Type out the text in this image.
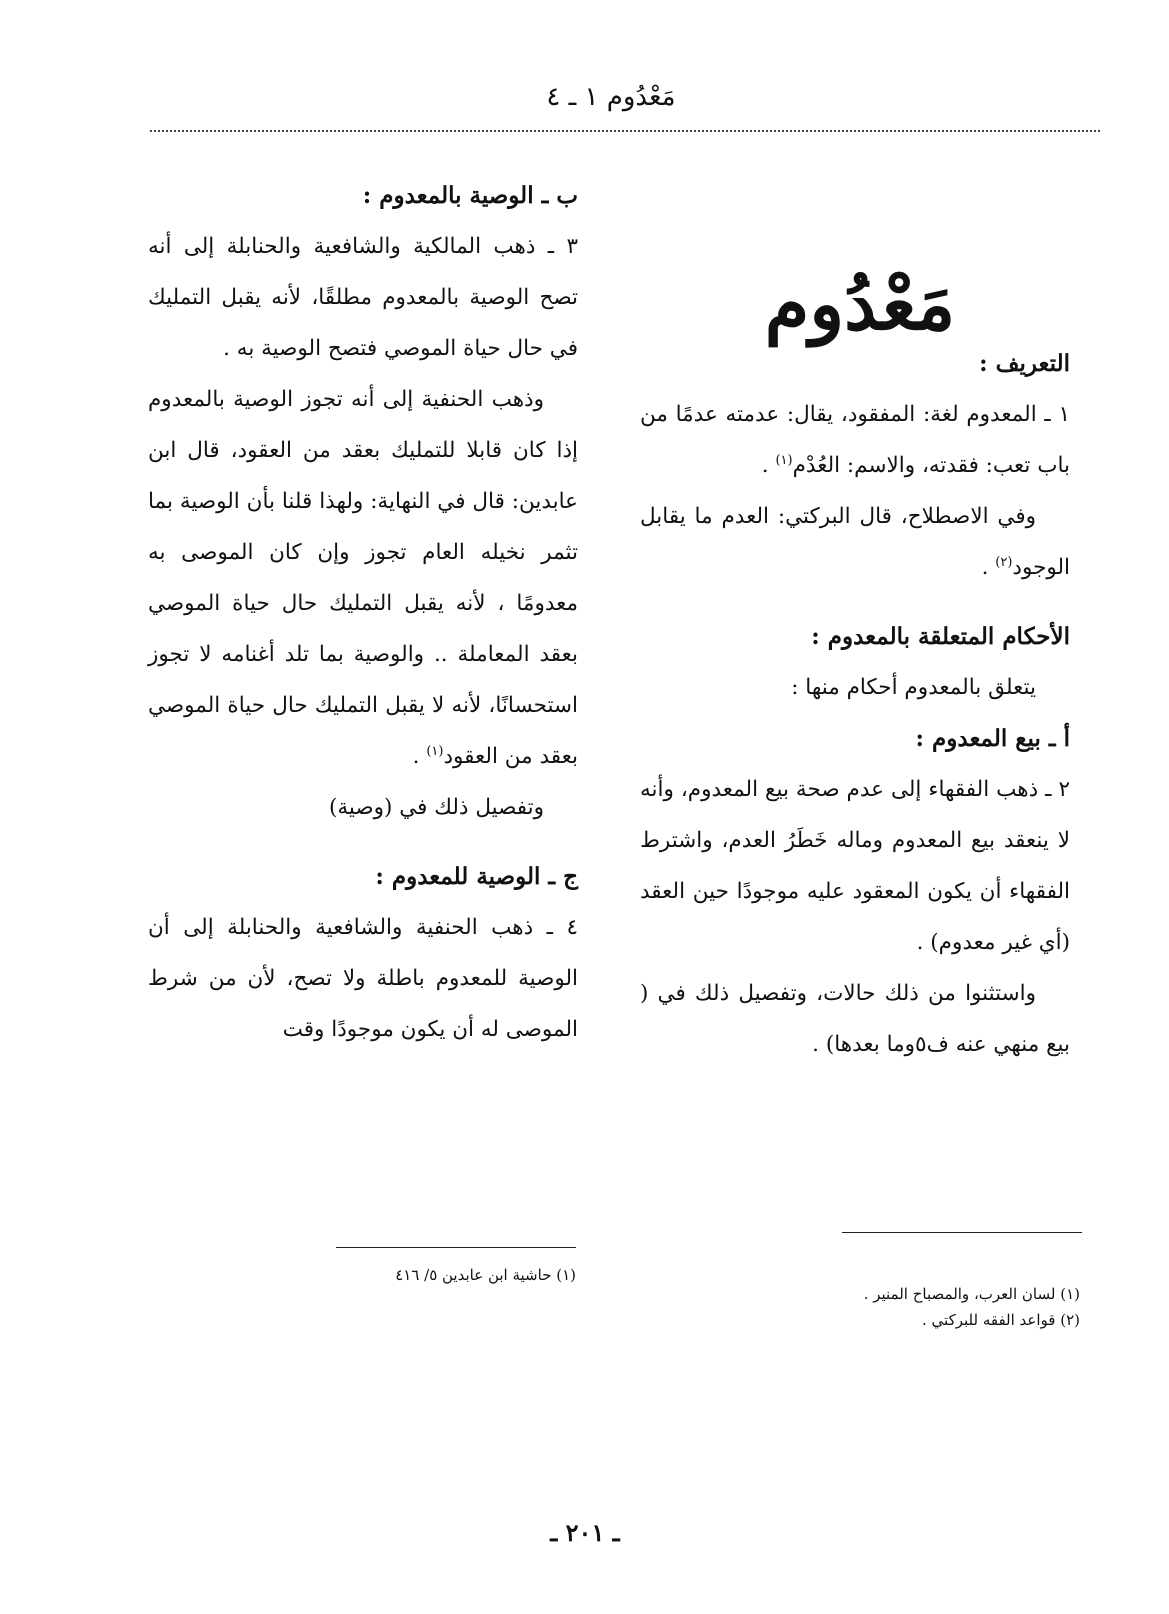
مَعْدُوم ١ ـ ٤
مَعْدُوم

التعريف :

١ ـ المعدوم لغة: المفقود، يقال: عدمته عدمًا من باب تعب: فقدته، والاسم: العُدْم$^{(١)}$ .

وفي الاصطلاح، قال البركتي: العدم ما يقابل الوجود$^{(٢)}$ .

الأحكام المتعلقة بالمعدوم :

يتعلق بالمعدوم أحكام منها :

أ ـ بيع المعدوم :

٢ ـ ذهب الفقهاء إلى عدم صحة بيع المعدوم، وأنه لا ينعقد بيع المعدوم وماله خَطَرُ العدم، واشترط الفقهاء أن يكون المعقود عليه موجودًا حين العقد (أي غير معدوم) .

واستثنوا من ذلك حالات، وتفصيل ذلك في ( بيع منهي عنه ف٥وما بعدها) .

ب ـ الوصية بالمعدوم :

٣ ـ ذهب المالكية والشافعية والحنابلة إلى أنه تصح الوصية بالمعدوم مطلقًا، لأنه يقبل التمليك في حال حياة الموصي فتصح الوصية به .

وذهب الحنفية إلى أنه تجوز الوصية بالمعدوم إذا كان قابلا للتمليك بعقد من العقود، قال ابن عابدين: قال في النهاية: ولهذا قلنا بأن الوصية بما تثمر نخيله العام تجوز وإن كان الموصى به معدومًا ، لأنه يقبل التمليك حال حياة الموصي بعقد المعاملة .. والوصية بما تلد أغنامه لا تجوز استحسانًا، لأنه لا يقبل التمليك حال حياة الموصي بعقد من العقود$^{(١)}$ .

وتفصيل ذلك في (وصية)

ج ـ الوصية للمعدوم :

٤ ـ ذهب الحنفية والشافعية والحنابلة إلى أن الوصية للمعدوم باطلة ولا تصح، لأن من شرط الموصى له أن يكون موجودًا وقت

(١) حاشية ابن عابدين ٥/ ٤١٦
(١) لسان العرب، والمصباح المنير .
(٢) قواعد الفقه للبركتي .
ـ ٢٠١ ـ
